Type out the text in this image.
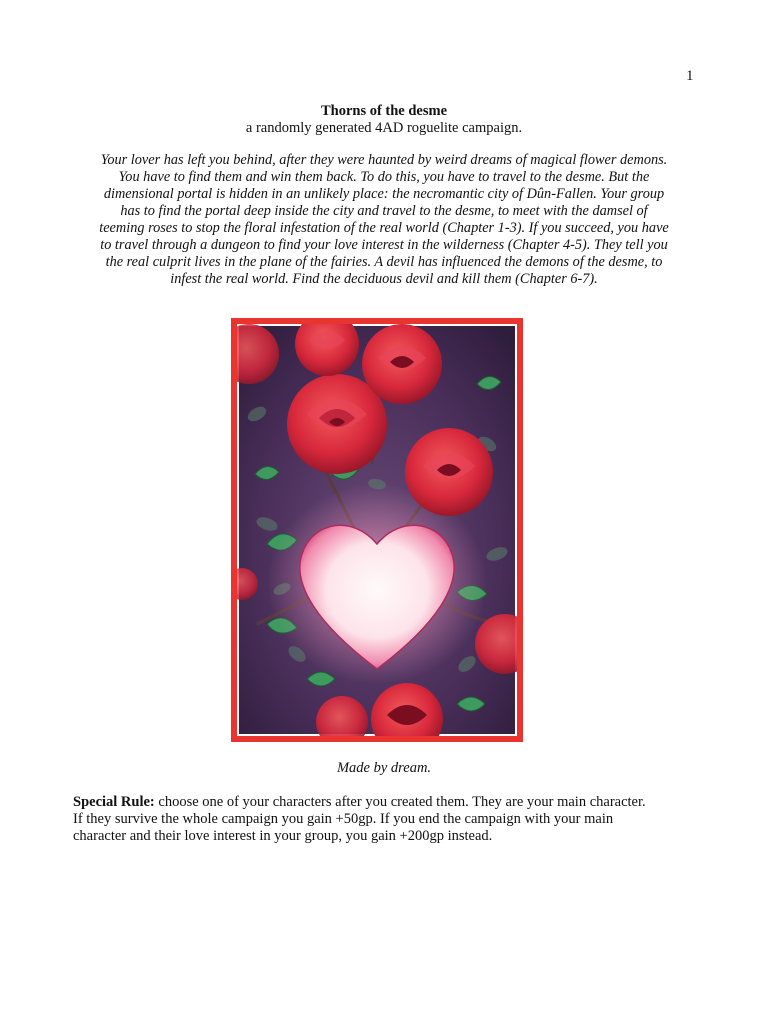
1
Thorns of the desme
a randomly generated 4AD roguelite campaign.

Your lover has left you behind, after they were haunted by weird dreams of magical flower demons.
You have to find them and win them back. To do this, you have to travel to the desme. But the
dimensional portal is hidden in an unlikely place: the necromantic city of Dûn-Fallen. Your group
has to find the portal deep inside the city and travel to the desme, to meet with the damsel of
teeming roses to stop the floral infestation of the real world (Chapter 1-3). If you succeed, you have
to travel through a dungeon to find your love interest in the wilderness (Chapter 4-5). They tell you
the real culprit lives in the plane of the fairies. A devil has influenced the demons of the desme, to
infest the real world. Find the deciduous devil and kill them (Chapter 6-7).

Made by dream.

Special Rule: choose one of your characters after you created them. They are your main character.
If they survive the whole campaign you gain +50gp. If you end the campaign with your main
character and their love interest in your group, you gain +200gp instead.
